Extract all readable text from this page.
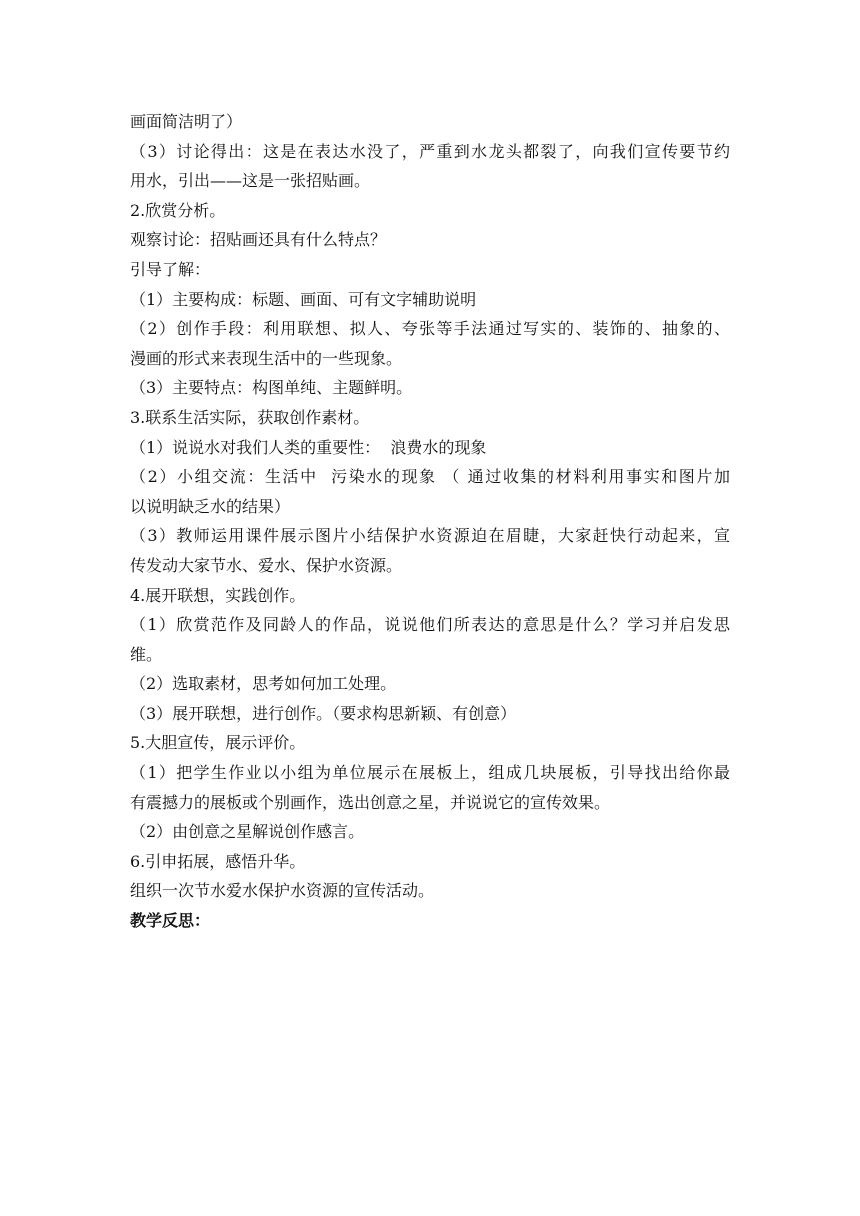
画面简洁明了）
（3）讨论得出：这是在表达水没了，严重到水龙头都裂了，向我们宣传要节约
用水，引出——这是一张招贴画。
2.欣赏分析。
观察讨论：招贴画还具有什么特点？
引导了解：
（1）主要构成：标题、画面、可有文字辅助说明
（2）创作手段：利用联想、拟人、夸张等手法通过写实的、装饰的、抽象的、
漫画的形式来表现生活中的一些现象。
（3）主要特点：构图单纯、主题鲜明。
3.联系生活实际，获取创作素材。
（1）说说水对我们人类的重要性：  浪费水的现象
（2）小组交流：生活中  污染水的现象 （ 通过收集的材料利用事实和图片加
以说明缺乏水的结果）
（3）教师运用课件展示图片小结保护水资源迫在眉睫，大家赶快行动起来，宣
传发动大家节水、爱水、保护水资源。
4.展开联想，实践创作。
（1）欣赏范作及同龄人的作品，说说他们所表达的意思是什么？学习并启发思
维。
（2）选取素材，思考如何加工处理。
（3）展开联想，进行创作。（要求构思新颖、有创意）
5.大胆宣传，展示评价。
（1）把学生作业以小组为单位展示在展板上，组成几块展板，引导找出给你最
有震撼力的展板或个别画作，选出创意之星，并说说它的宣传效果。
（2）由创意之星解说创作感言。
6.引申拓展，感悟升华。
组织一次节水爱水保护水资源的宣传活动。
教学反思：
